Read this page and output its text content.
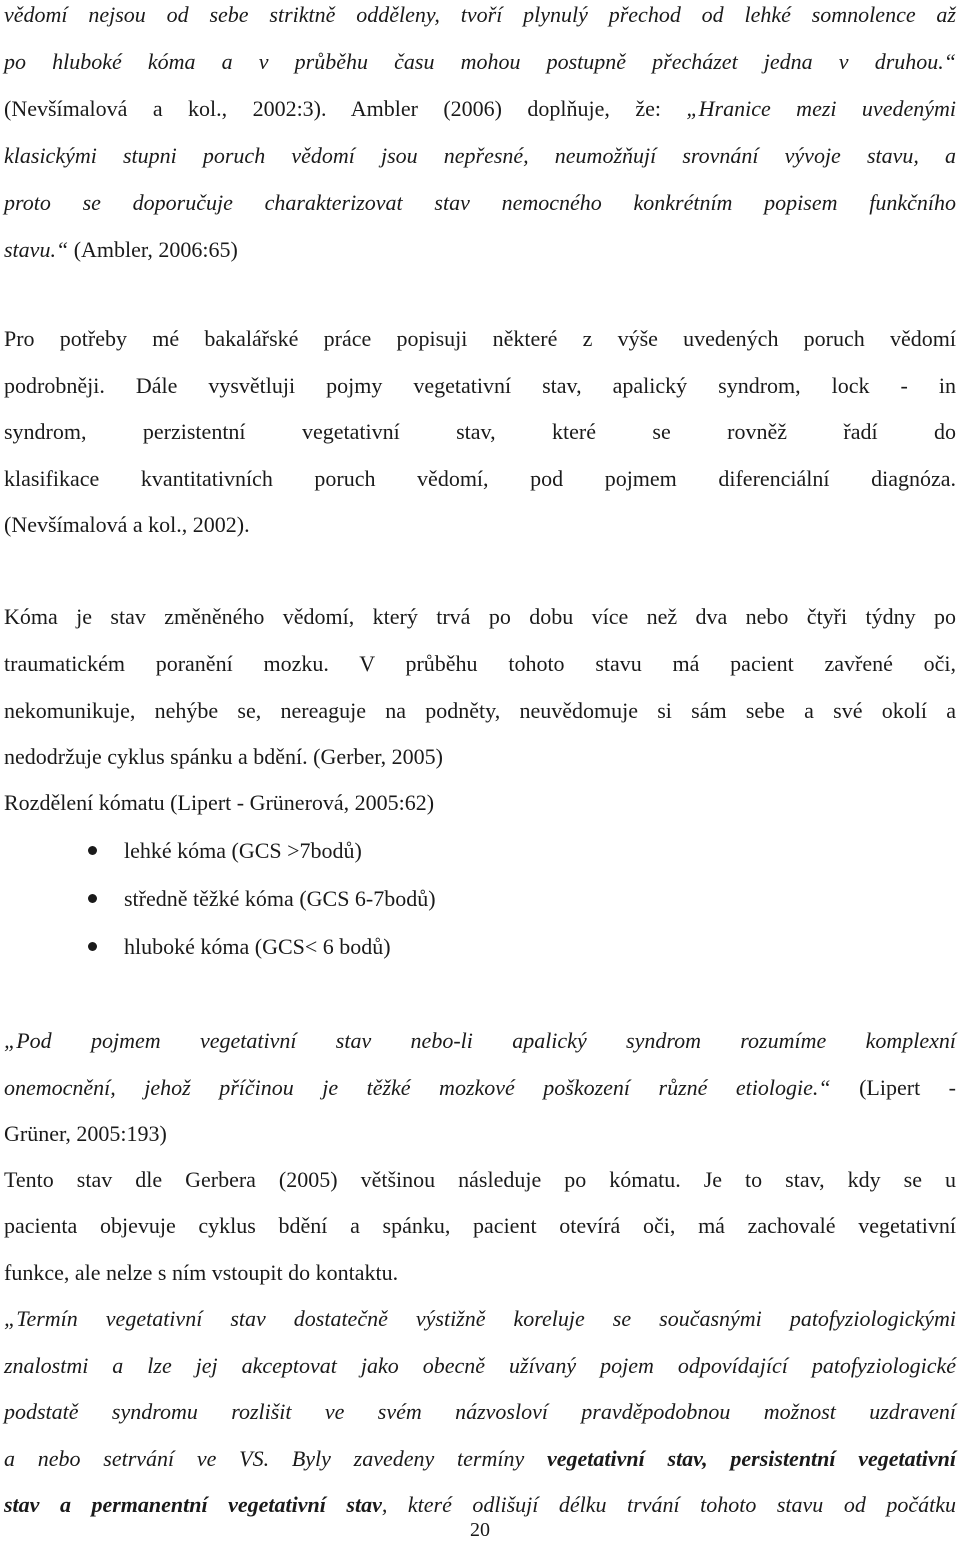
vědomí nejsou od sebe striktně odděleny, tvoří plynulý přechod od lehké somnolence až
po hluboké kóma a v průběhu času mohou postupně přecházet jedna v druhou.“
(Nevšímalová a kol., 2002:3). Ambler (2006) doplňuje, že: „Hranice mezi uvedenými
klasickými stupni poruch vědomí jsou nepřesné, neumožňují srovnání vývoje stavu, a
proto se doporučuje charakterizovat stav nemocného konkrétním popisem funkčního
stavu.“ (Ambler, 2006:65)
Pro potřeby mé bakalářské práce popisuji některé z výše uvedených poruch vědomí
podrobněji. Dále vysvětluji pojmy vegetativní stav, apalický syndrom, lock - in
syndrom, perzistentní vegetativní stav, které se rovněž řadí do
klasifikace kvantitativních poruch vědomí, pod pojmem diferenciální diagnóza.
(Nevšímalová a kol., 2002).
Kóma je stav změněného vědomí, který trvá po dobu více než dva nebo čtyři týdny po
traumatickém poranění mozku. V průběhu tohoto stavu má pacient zavřené oči,
nekomunikuje, nehýbe se, nereaguje na podněty, neuvědomuje si sám sebe a své okolí a
nedodržuje cyklus spánku a bdění. (Gerber, 2005)
Rozdělení kómatu (Lipert - Grünerová, 2005:62)
lehké kóma (GCS >7bodů)
středně těžké kóma (GCS 6-7bodů)
hluboké kóma (GCS< 6 bodů)
„Pod pojmem vegetativní stav nebo-li apalický syndrom rozumíme komplexní
onemocnění, jehož příčinou je těžké mozkové poškození různé etiologie.“ (Lipert -
Grüner, 2005:193)
Tento stav dle Gerbera (2005) většinou následuje po kómatu. Je to stav, kdy se u
pacienta objevuje cyklus bdění a spánku, pacient otevírá oči, má zachovalé vegetativní
funkce, ale nelze s ním vstoupit do kontaktu.
„Termín vegetativní stav dostatečně výstižně koreluje se současnými patofyziologickými
znalostmi a lze jej akceptovat jako obecně užívaný pojem odpovídající patofyziologické
podstatě syndromu rozlišit ve svém názvosloví pravděpodobnou možnost uzdravení
a nebo setrvání ve VS. Byly zavedeny termíny vegetativní stav, persistentní vegetativní
stav a permanentní vegetativní stav, které odlišují délku trvání tohoto stavu od počátku
20
